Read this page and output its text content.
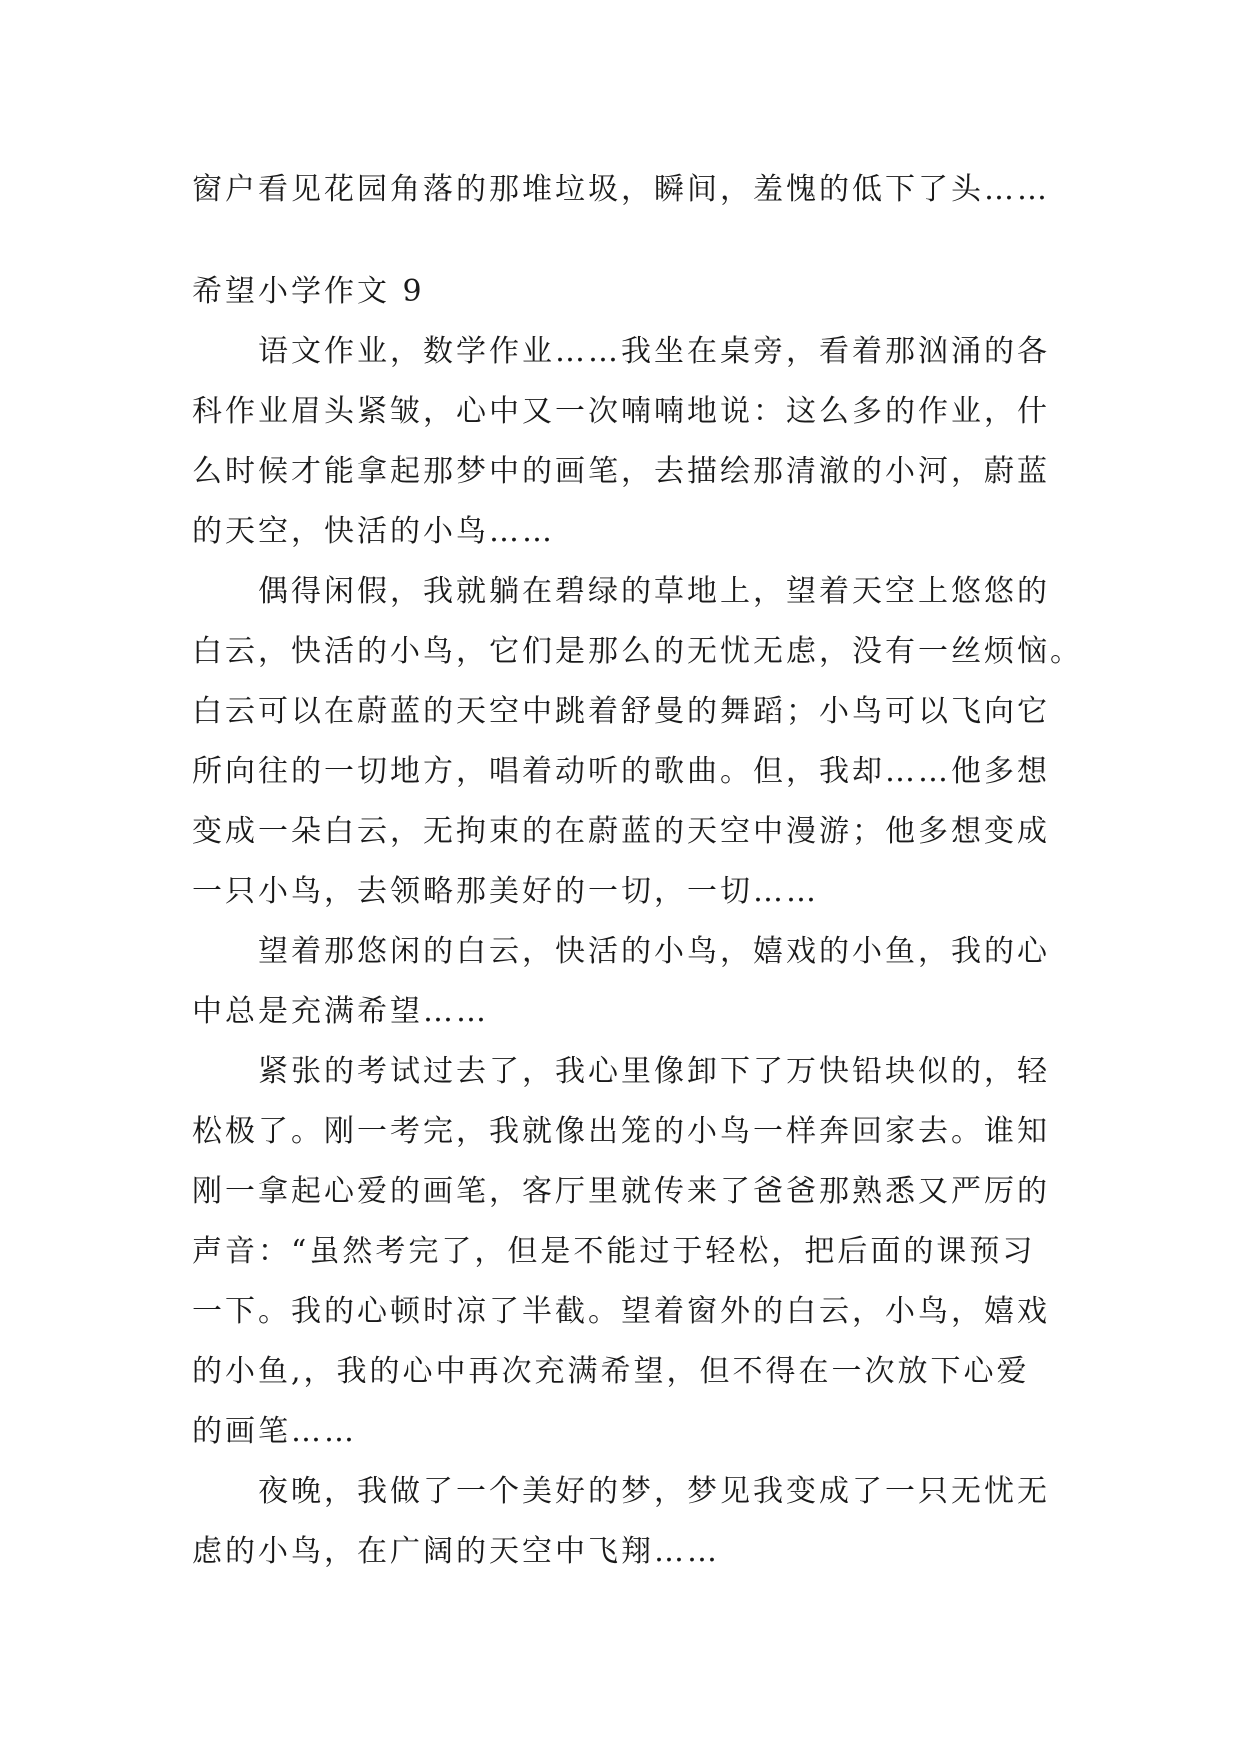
窗户看见花园角落的那堆垃圾，瞬间，羞愧的低下了头……

希望小学作文 9

语文作业，数学作业……我坐在桌旁，看着那汹涌的各

科作业眉头紧皱，心中又一次喃喃地说：这么多的作业，什

么时候才能拿起那梦中的画笔，去描绘那清澈的小河，蔚蓝

的天空，快活的小鸟……

偶得闲假，我就躺在碧绿的草地上，望着天空上悠悠的

白云，快活的小鸟，它们是那么的无忧无虑，没有一丝烦恼。

白云可以在蔚蓝的天空中跳着舒曼的舞蹈；小鸟可以飞向它

所向往的一切地方，唱着动听的歌曲。但，我却……他多想

变成一朵白云，无拘束的在蔚蓝的天空中漫游；他多想变成

一只小鸟，去领略那美好的一切，一切……

望着那悠闲的白云，快活的小鸟，嬉戏的小鱼，我的心

中总是充满希望……

紧张的考试过去了，我心里像卸下了万快铅块似的，轻

松极了。刚一考完，我就像出笼的小鸟一样奔回家去。谁知

刚一拿起心爱的画笔，客厅里就传来了爸爸那熟悉又严厉的

声音：“虽然考完了，但是不能过于轻松，把后面的课预习

一下。我的心顿时凉了半截。望着窗外的白云，小鸟，嬉戏

的小鱼,，我的心中再次充满希望，但不得在一次放下心爱

的画笔……

夜晚，我做了一个美好的梦，梦见我变成了一只无忧无

虑的小鸟，在广阔的天空中飞翔……
